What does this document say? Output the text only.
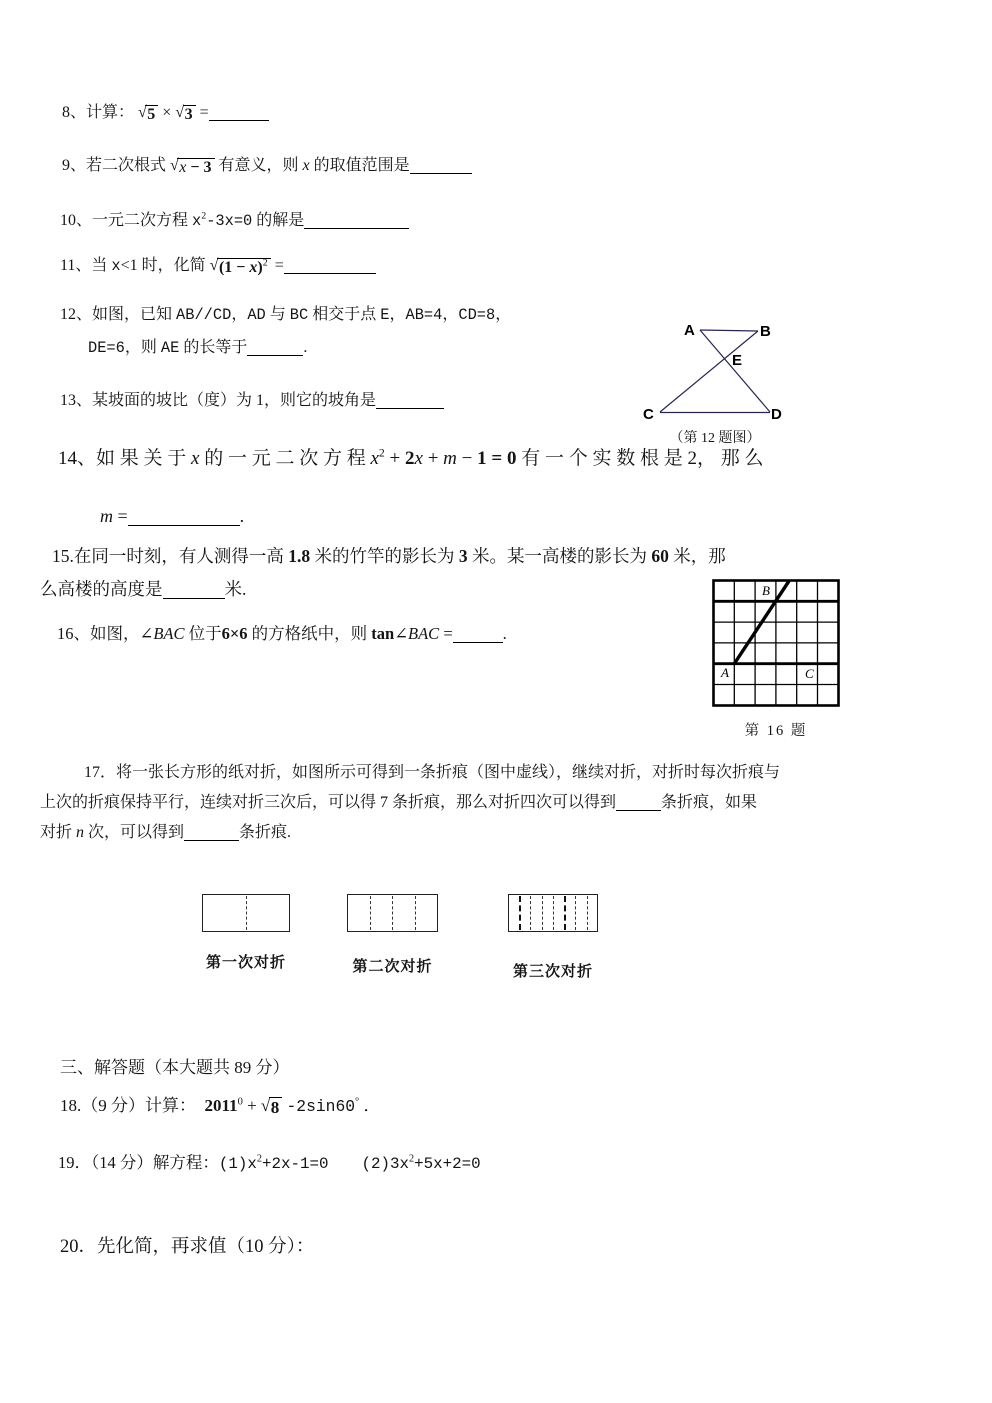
8、计算： √ 5 × √ 3 =
9、若二次根式 √ x − 3 有意义，则 x 的取值范围是
10、一元二次方程 $x^2-3x=0$ 的解是
11、当 x<1 时，化简 √ $(1 - x)^2$ =
12、如图，已知 AB//CD，AD 与 BC 相交于点 E，AB=4，CD=8，
DE=6，则 AE 的长等于	.
13、某坡面的坡比（度）为 1，则它的坡角是
A	B
E
C	D
（第 12 题图）
14、如 果 关 于 x 的 一 元 二 次 方 程 $x^2 + 2x + m - 1 = 0$ 有 一 个 实 数 根 是 2， 那 么
m =	.
15.在同一时刻，有人测得一高 1.8 米的竹竿的影长为 3 米。某一高楼的影长为 60 米，那
么高楼的高度是	米.
16、如图，∠BAC 位于6×6 的方格纸中，则 tan∠BAC =	.
A
B
C
第 16 题
17．将一张长方形的纸对折，如图所示可得到一条折痕（图中虚线），继续对折，对折时每次折痕与
上次的折痕保持平行，连续对折三次后，可以得 7 条折痕，那么对折四次可以得到	条折痕，如果
对折 n 次，可以得到	条折痕.
第一次对折	第二次对折	第三次对折
三、解答题（本大题共 89 分）
18.（9 分）计算：　$2011^0$ + √ 8 -2sin60° ．
19．（14 分）解方程：$(1)x^2+2x-1=0$　　 $(2)3x^2+5x+2=0$
20．先化简，再求值（10 分）：
